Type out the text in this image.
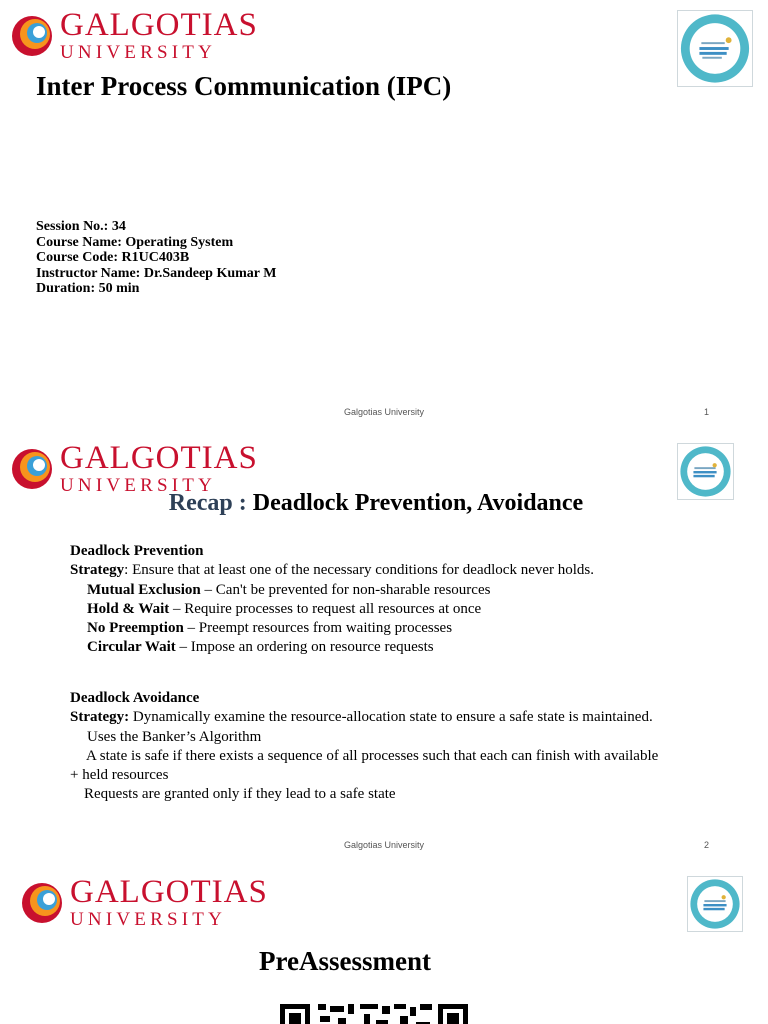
GALGOTIAS
UNIVERSITY
Inter Process Communication (IPC)
Session No.: 34
Course Name: Operating System
Course Code: R1UC403B
Instructor Name: Dr.Sandeep Kumar M
Duration: 50 min
Galgotias University	1
GALGOTIAS
UNIVERSITY
Recap : Deadlock Prevention, Avoidance
Deadlock Prevention
Strategy: Ensure that at least one of the necessary conditions for deadlock never holds.
Mutual Exclusion – Can't be prevented for non-sharable resources
Hold & Wait – Require processes to request all resources at once
No Preemption – Preempt resources from waiting processes
Circular Wait – Impose an ordering on resource requests
Deadlock Avoidance
Strategy: Dynamically examine the resource-allocation state to ensure a safe state is maintained.
Uses the Banker’s Algorithm
A state is safe if there exists a sequence of all processes such that each can finish with available + held resources
Requests are granted only if they lead to a safe state
Galgotias University	2
GALGOTIAS
UNIVERSITY
PreAssessment
